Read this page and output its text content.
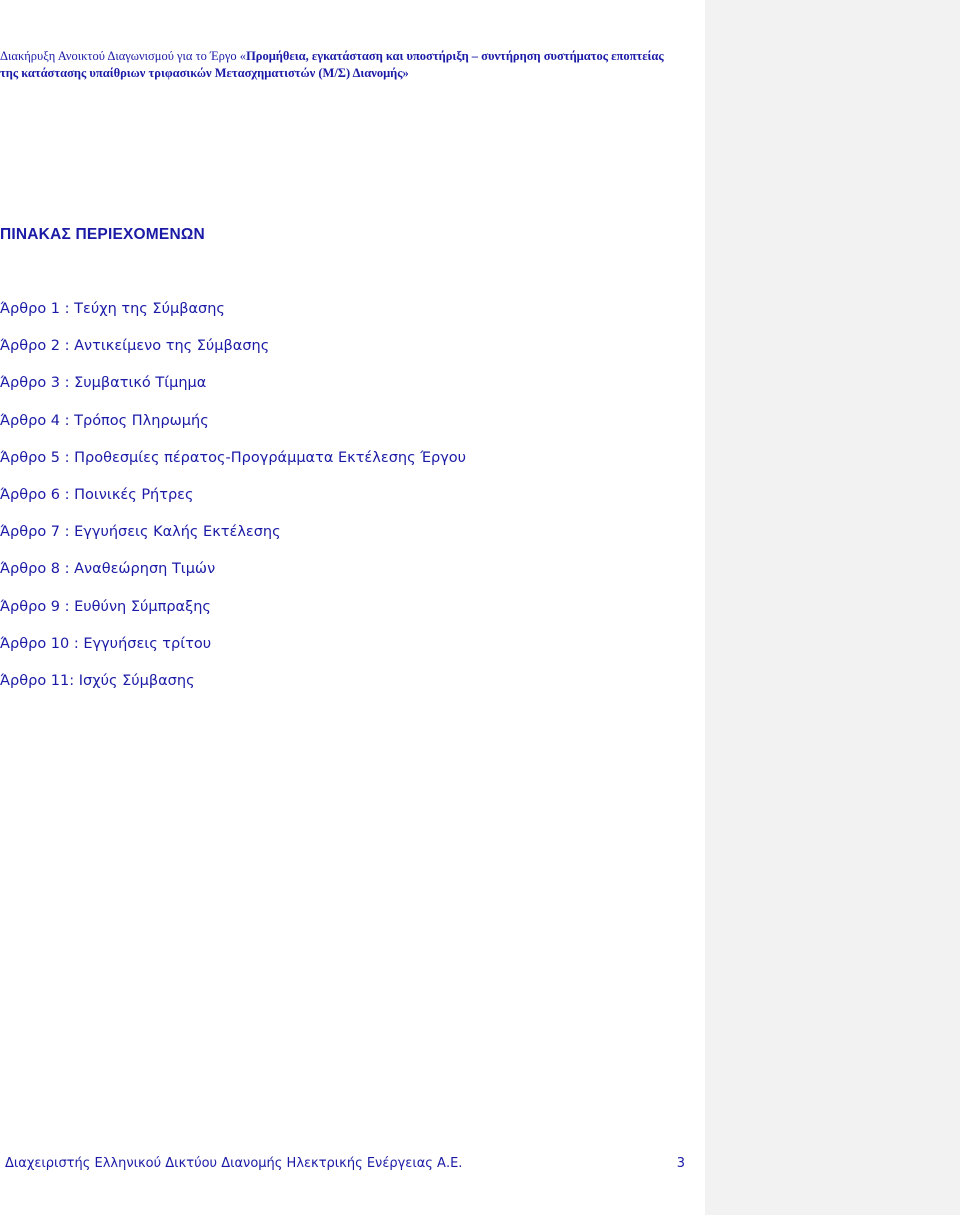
Διακήρυξη Ανοικτού Διαγωνισμού για το Έργο «Προμήθεια, εγκατάσταση και υποστήριξη – συντήρηση συστήματος εποπτείας
της κατάστασης υπαίθριων τριφασικών Μετασχηματιστών (Μ/Σ) Διανομής»
ΠΙΝΑΚΑΣ ΠΕΡΙΕΧΟΜΕΝΩΝ
Άρθρο 1 : Τεύχη της Σύμβασης
Άρθρο 2 : Αντικείμενο της Σύμβασης
Άρθρο 3 : Συμβατικό Τίμημα
Άρθρο 4 : Τρόπος Πληρωμής
Άρθρο 5 : Προθεσμίες πέρατος-Προγράμματα Εκτέλεσης Έργου
Άρθρο 6 : Ποινικές Ρήτρες
Άρθρο 7 : Εγγυήσεις Καλής Εκτέλεσης
Άρθρο 8 : Αναθεώρηση Τιμών
Άρθρο 9 : Ευθύνη Σύμπραξης
Άρθρο 10 : Εγγυήσεις τρίτου
Άρθρο 11: Ισχύς Σύμβασης
Διαχειριστής Ελληνικού Δικτύου Διανομής Ηλεκτρικής Ενέργειας Α.Ε.	3
